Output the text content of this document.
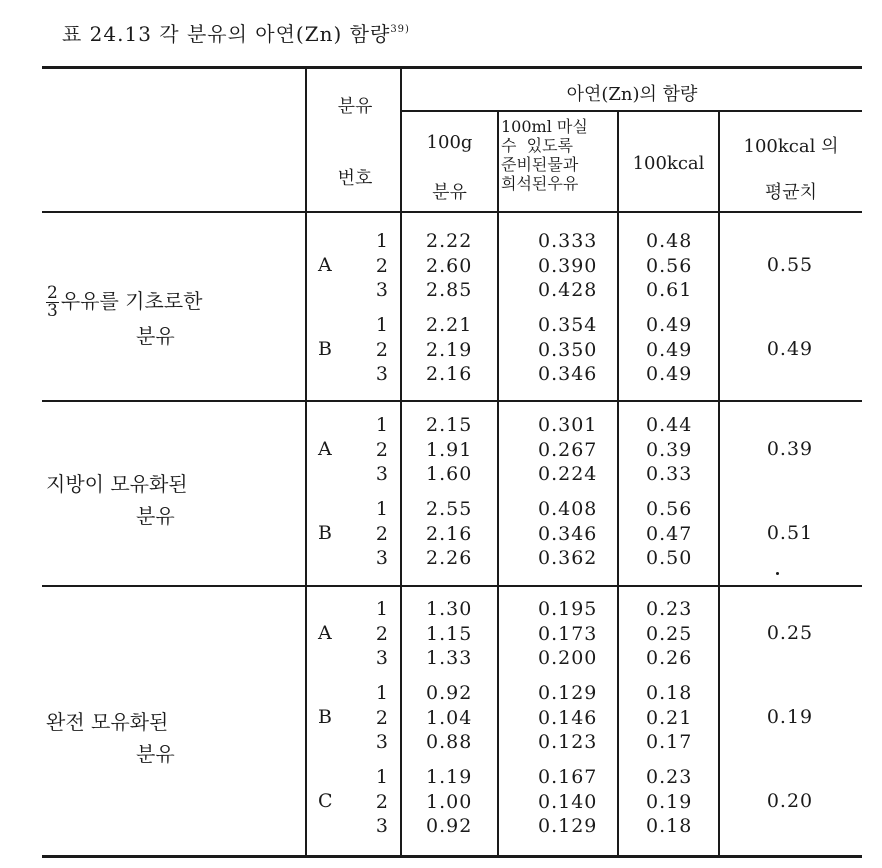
표 24.13 각 분유의 아연(Zn) 함량$^{39)}$
분유
번호
아연(Zn)의 함량
100g
분유
100ml 마실
수  있도록
준비된물과
희석된우유
100kcal
100kcal 의
평균치
$\frac{2}{3}$ 우유를 기초로한
분유
A
1
2
3
2.22
2.60
2.85
0.333
0.390
0.428
0.48
0.56
0.61
0.55
B
1
2
3
2.21
2.19
2.16
0.354
0.350
0.346
0.49
0.49
0.49
0.49
지방이 모유화된
분유
A
1
2
3
2.15
1.91
1.60
0.301
0.267
0.224
0.44
0.39
0.33
0.39
B
1
2
3
2.55
2.16
2.26
0.408
0.346
0.362
0.56
0.47
0.50
0.51
완전 모유화된
분유
A
1
2
3
1.30
1.15
1.33
0.195
0.173
0.200
0.23
0.25
0.26
0.25
B
1
2
3
0.92
1.04
0.88
0.129
0.146
0.123
0.18
0.21
0.17
0.19
C
1
2
3
1.19
1.00
0.92
0.167
0.140
0.129
0.23
0.19
0.18
0.20
